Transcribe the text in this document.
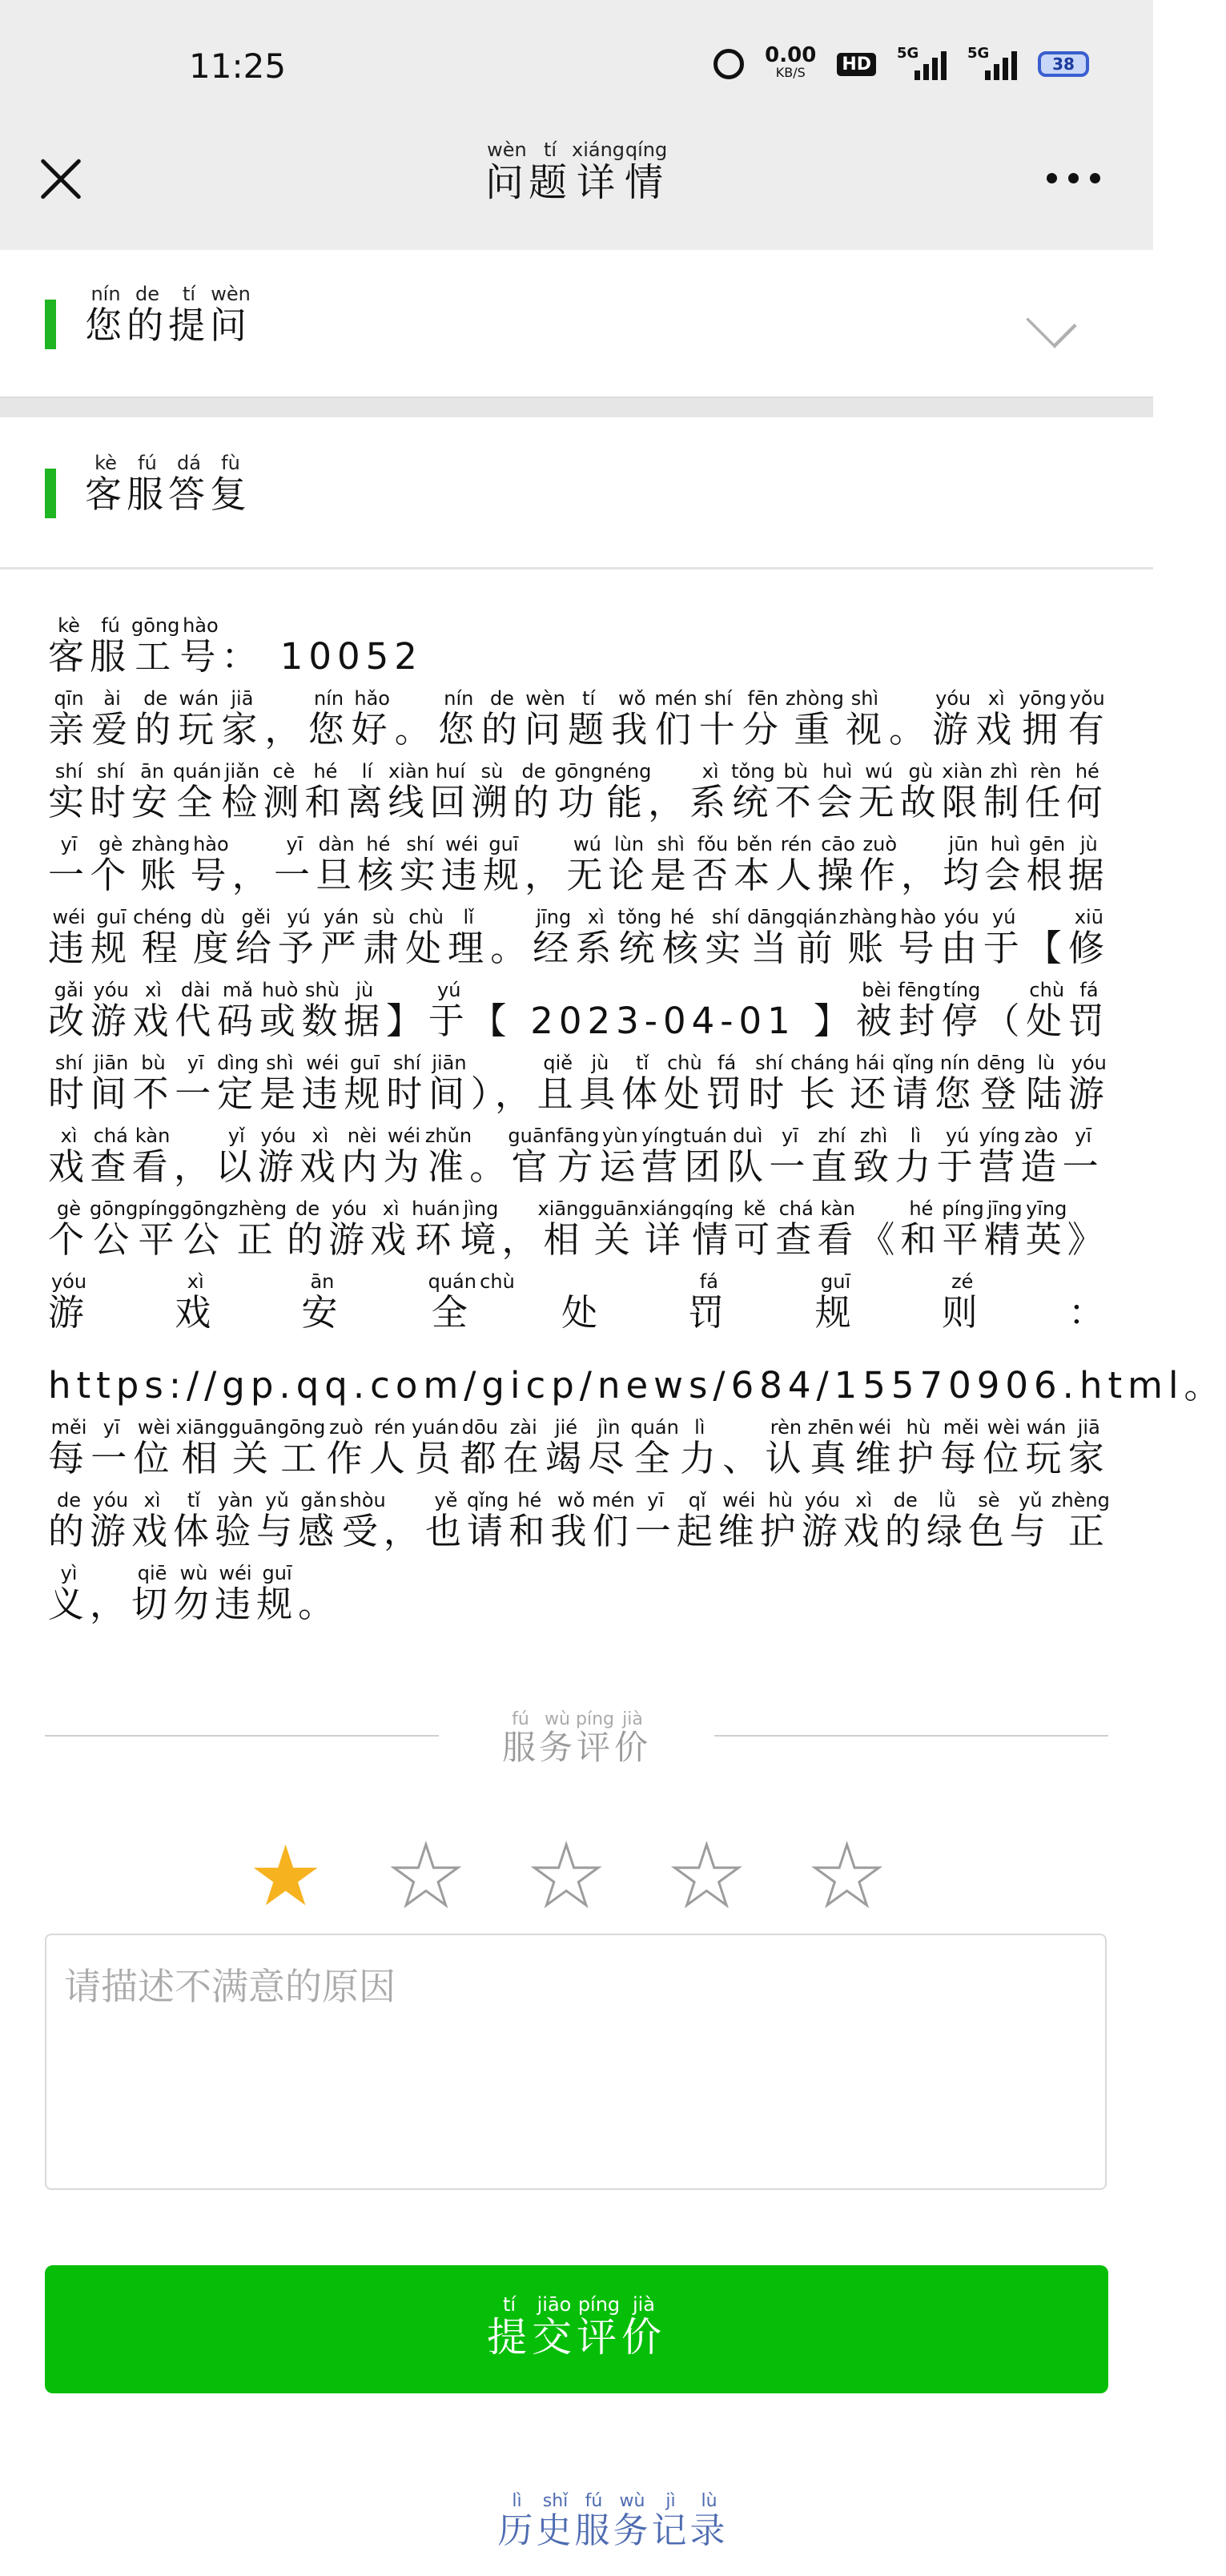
11:25	0.00
KB/S	HD
5G	5G
38
问wèn题tí详xiáng情qíng
您nín的de提tí问wèn
客kè服fú答dá复fù
客kè服fú工gōng号hào： 10052
亲qīn爱ài的de玩wán家jiā，您nín好hǎo。您nín的de问wèn题tí我wǒ们mén十shí分fēn重zhòng视shì。游yóu戏xì拥yōng有yǒu实shí时shí安ān全quán检jiǎn测cè和hé离lí线xiàn回huí溯sù的de功gōng能néng，系xì统tǒng不bù会huì无wú故gù限xiàn制zhì任rèn何hé一yī个gè账zhàng号hào，一yī旦dàn核hé实shí违wéi规guī，无wú论lùn是shì否fǒu本běn人rén操cāo作zuò，均jūn会huì根gēn据jù违wéi规guī程chéng度dù给gěi予yú严yán肃sù处chù理lǐ。经jīng系xì统tǒng核hé实shí当dāng前qián账zhàng号hào由yóu于yú【修xiū改gǎi游yóu戏xì代dài码mǎ或huò数shù据jù】于yú【 2023-04-01 】被bèi封fēng停tíng（处chù罚fá时shí间jiān不bù一yī定dìng是shì违wéi规guī时shí间jiān），且qiě具jù体tǐ处chù罚fá时shí长cháng还hái请qǐng您nín登dēng陆lù游yóu戏xì查chá看kàn，以yǐ游yóu戏xì内nèi为wéi准zhǔn。官guān方fāng运yùn营yíng团tuán队duì一yī直zhí致zhì力lì于yú营yíng造zào一yī个gè公gōng平píng公gōng正zhèng的de游yóu戏xì环huán境jìng，相xiāng关guān详xiáng情qíng可kě查chá看kàn《和hé平píng精jīng英yīng》游yóu戏xì安ān全quán处chù罚fá规guī则zé：https://gp.qq.com/gicp/news/684/15570906.html。每měi一yī位wèi相xiāng关guān工gōng作zuò人rén员yuán都dōu在zài竭jié尽jìn全quán力lì、认rèn真zhēn维wéi护hù每měi位wèi玩wán家jiā的de游yóu戏xì体tǐ验yàn与yǔ感gǎn受shòu，也yě请qǐng和hé我wǒ们mén一yī起qǐ维wéi护hù游yóu戏xì的de绿lǜ色sè与yǔ正zhèng义yì，切qiē勿wù违wéi规guī。
服fú务wù评píng价jià
★ ★ ★ ★ ★
请描述不满意的原因
提tí交jiāo评píng价jià
历lì史shǐ服fú务wù记jì录lù
